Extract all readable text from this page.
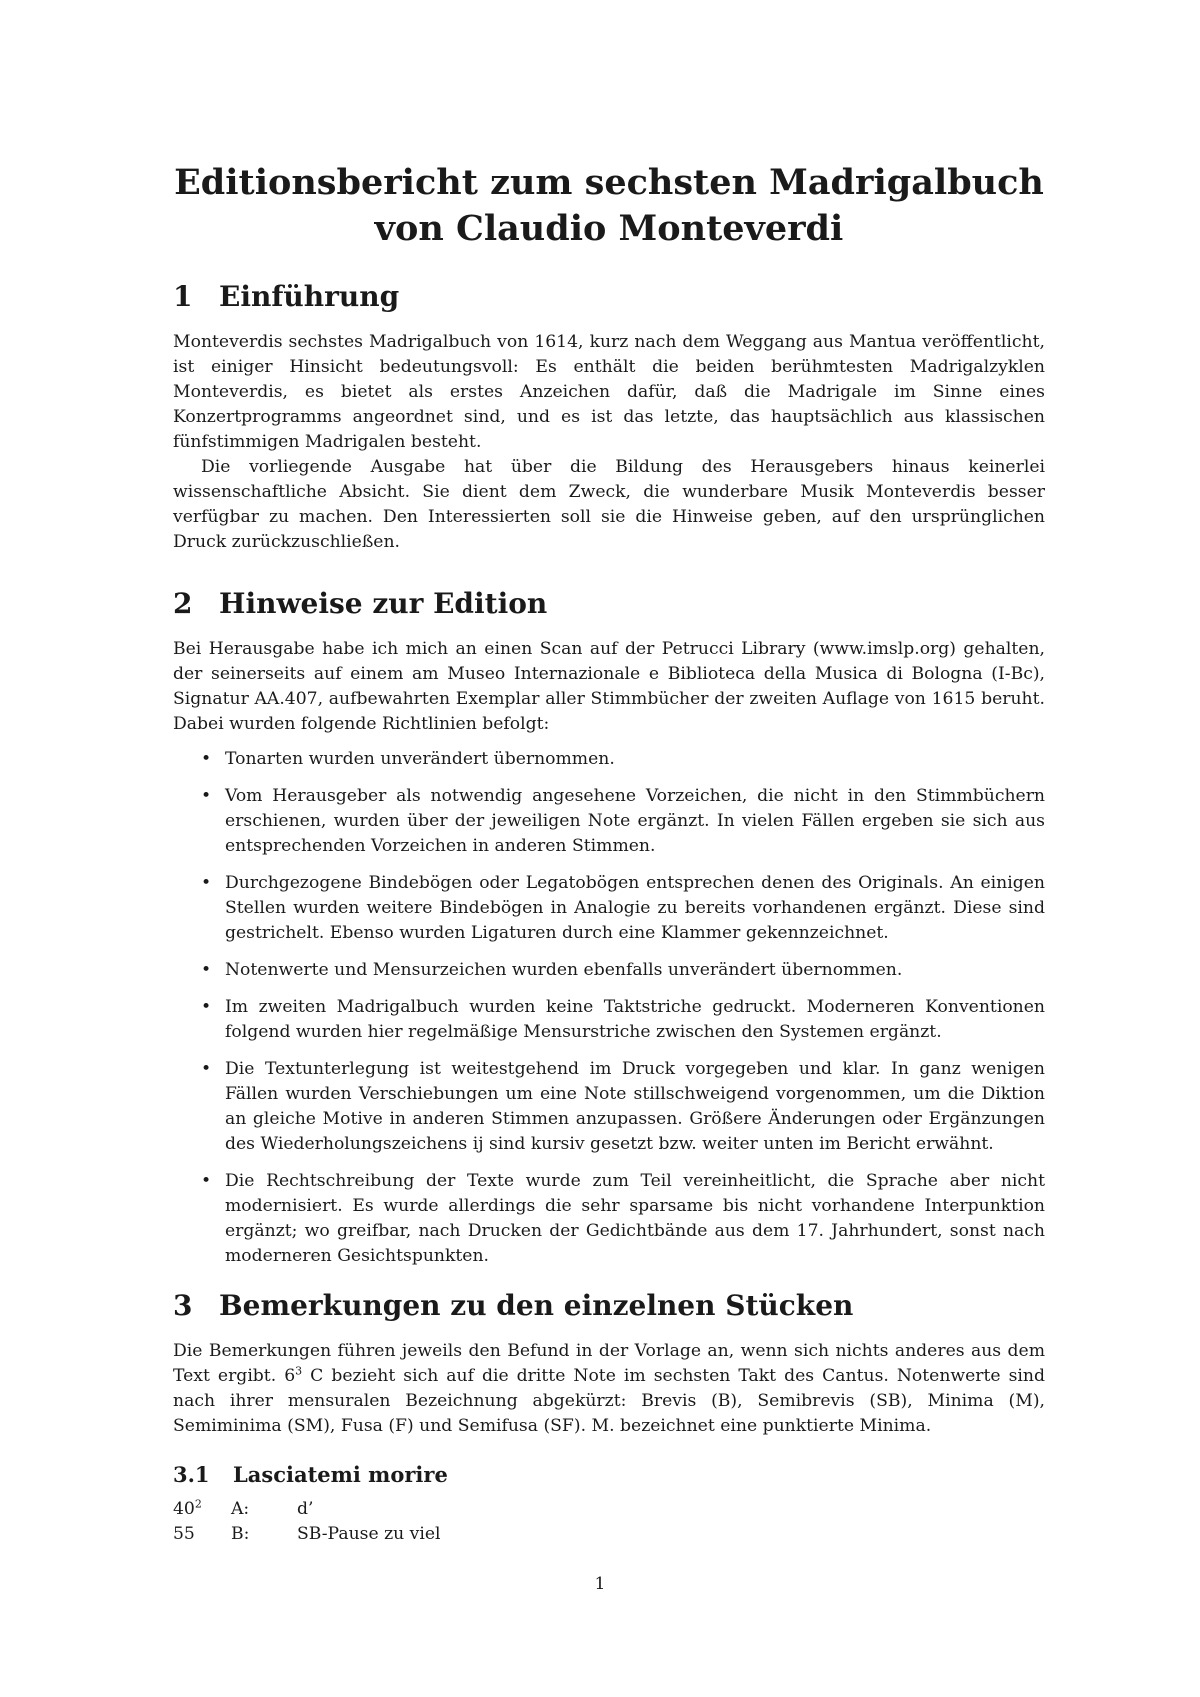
Editionsbericht zum sechsten Madrigalbuch von Claudio Monteverdi
1 Einführung

Monteverdis sechstes Madrigalbuch von 1614, kurz nach dem Weggang aus Mantua veröffentlicht, ist einiger Hinsicht bedeutungsvoll: Es enthält die beiden berühmtesten Madrigalzyklen Monteverdis, es bietet als erstes Anzeichen dafür, daß die Madrigale im Sinne eines Konzertprogramms angeordnet sind, und es ist das letzte, das hauptsächlich aus klassischen fünfstimmigen Madrigalen besteht.

Die vorliegende Ausgabe hat über die Bildung des Herausgebers hinaus keinerlei wissenschaftliche Absicht. Sie dient dem Zweck, die wunderbare Musik Monteverdis besser verfügbar zu machen. Den Interessierten soll sie die Hinweise geben, auf den ursprünglichen Druck zurückzuschließen.

2 Hinweise zur Edition

Bei Herausgabe habe ich mich an einen Scan auf der Petrucci Library (www.imslp.org) gehalten, der seinerseits auf einem am Museo Internazionale e Biblioteca della Musica di Bologna (I-Bc), Signatur AA.407, aufbewahrten Exemplar aller Stimmbücher der zweiten Auflage von 1615 beruht. Dabei wurden folgende Richtlinien befolgt:

• Tonarten wurden unverändert übernommen.
• Vom Herausgeber als notwendig angesehene Vorzeichen, die nicht in den Stimmbüchern erschienen, wurden über der jeweiligen Note ergänzt. In vielen Fällen ergeben sie sich aus entsprechenden Vorzeichen in anderen Stimmen.
• Durchgezogene Bindebögen oder Legatobögen entsprechen denen des Originals. An einigen Stellen wurden weitere Bindebögen in Analogie zu bereits vorhandenen ergänzt. Diese sind gestrichelt. Ebenso wurden Ligaturen durch eine Klammer gekennzeichnet.
• Notenwerte und Mensurzeichen wurden ebenfalls unverändert übernommen.
• Im zweiten Madrigalbuch wurden keine Taktstriche gedruckt. Moderneren Konventionen folgend wurden hier regelmäßige Mensurstriche zwischen den Systemen ergänzt.
• Die Textunterlegung ist weitestgehend im Druck vorgegeben und klar. In ganz wenigen Fällen wurden Verschiebungen um eine Note stillschweigend vorgenommen, um die Diktion an gleiche Motive in anderen Stimmen anzupassen. Größere Änderungen oder Ergänzungen des Wiederholungszeichens ij sind kursiv gesetzt bzw. weiter unten im Bericht erwähnt.
• Die Rechtschreibung der Texte wurde zum Teil vereinheitlicht, die Sprache aber nicht modernisiert. Es wurde allerdings die sehr sparsame bis nicht vorhandene Interpunktion ergänzt; wo greifbar, nach Drucken der Gedichtbände aus dem 17. Jahrhundert, sonst nach moderneren Gesichtspunkten.
3 Bemerkungen zu den einzelnen Stücken

Die Bemerkungen führen jeweils den Befund in der Vorlage an, wenn sich nichts anderes aus dem Text ergibt. $6^3$ C bezieht sich auf die dritte Note im sechsten Takt des Cantus. Notenwerte sind nach ihrer mensuralen Bezeichnung abgekürzt: Brevis (B), Semibrevis (SB), Minima (M), Semiminima (SM), Fusa (F) und Semifusa (SF). M. bezeichnet eine punktierte Minima.

3.1 Lasciatemi morire
$40^2$	A:	d’
55	B:	SB-Pause zu viel
1
